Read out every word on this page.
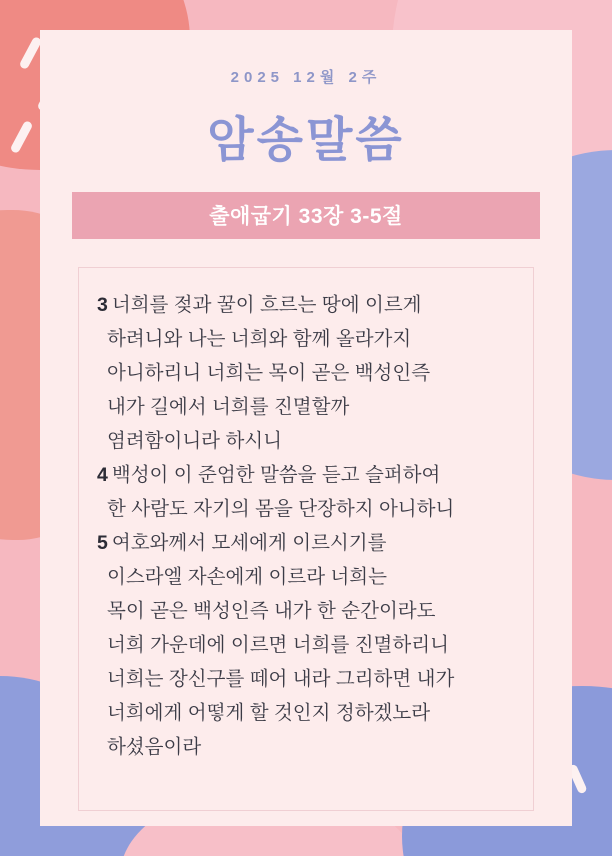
2025 12월 2주
암송말씀
출애굽기 33장 3-5절
3 너희를 젖과 꿀이 흐르는 땅에 이르게
하려니와 나는 너희와 함께 올라가지
아니하리니 너희는 목이 곧은 백성인즉
내가 길에서 너희를 진멸할까
염려함이니라 하시니
4 백성이 이 준엄한 말씀을 듣고 슬퍼하여
한 사람도 자기의 몸을 단장하지 아니하니
5 여호와께서 모세에게 이르시기를
이스라엘 자손에게 이르라 너희는
목이 곧은 백성인즉 내가 한 순간이라도
너희 가운데에 이르면 너희를 진멸하리니
너희는 장신구를 떼어 내라 그리하면 내가
너희에게 어떻게 할 것인지 정하겠노라
하셨음이라
